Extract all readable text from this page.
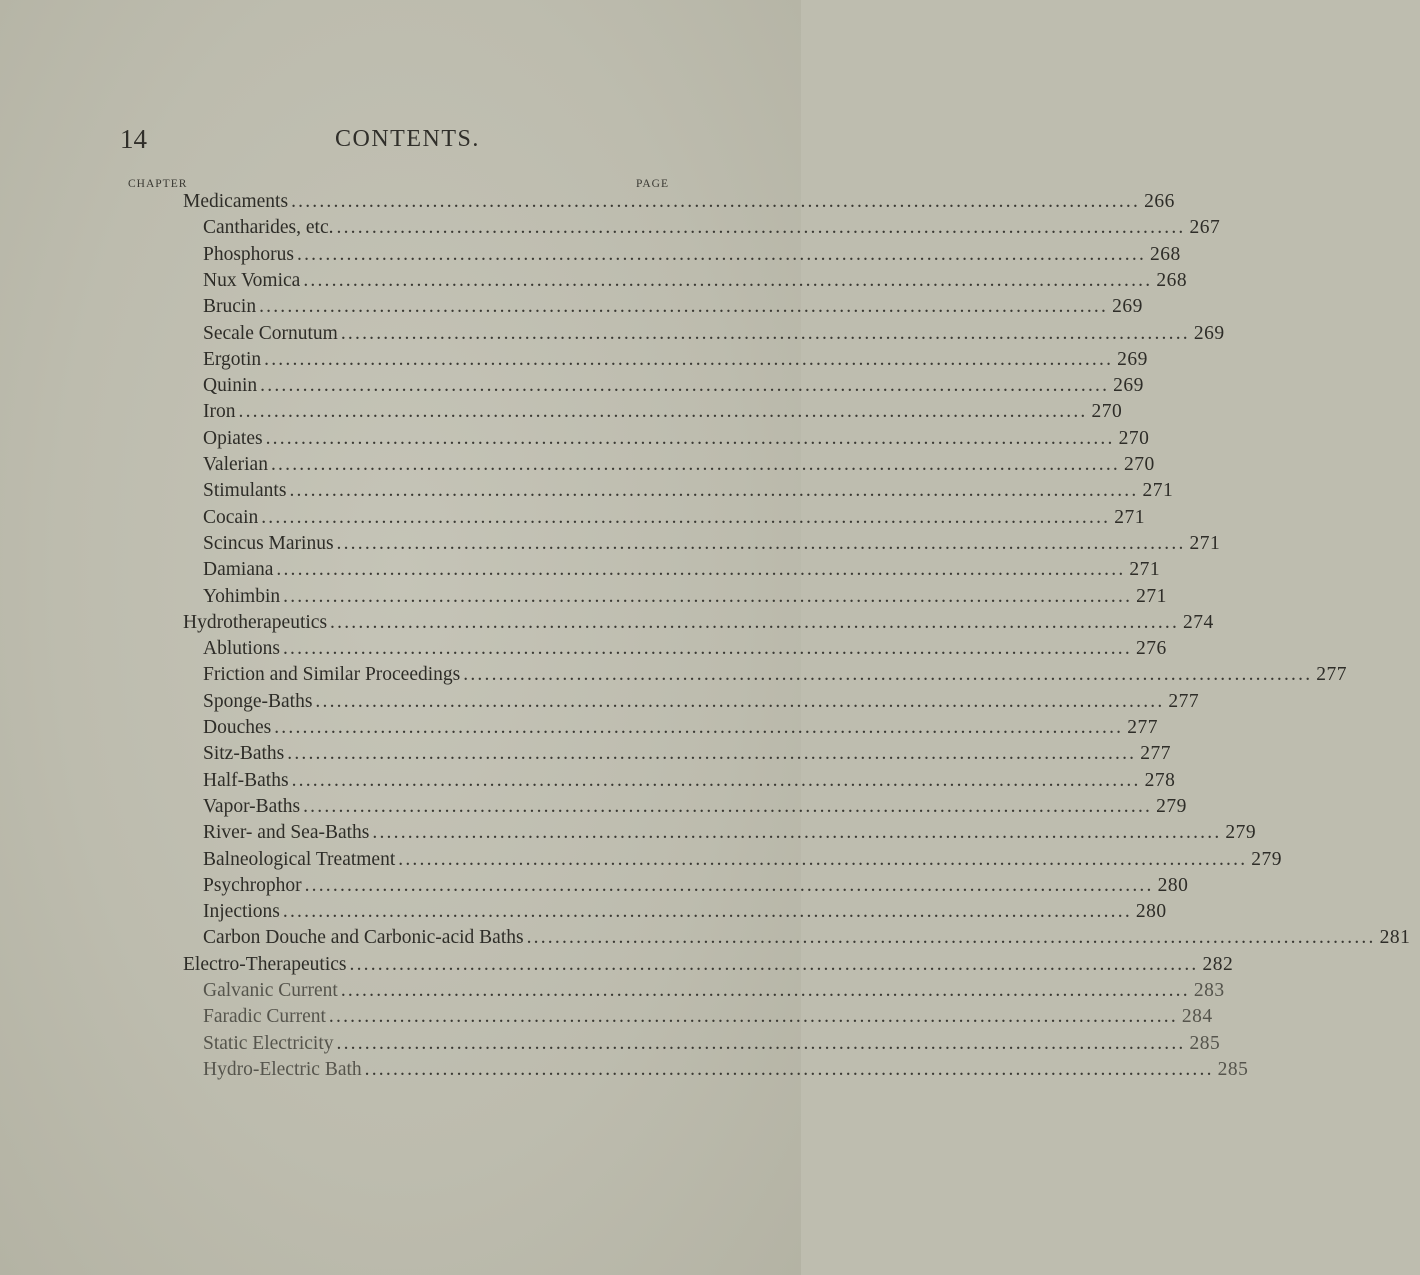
14	CONTENTS.
CHAPTER	PAGE
Medicaments ........................................................................................................................ 266
Cantharides, etc. ........................................................................................................................ 267
Phosphorus ........................................................................................................................ 268
Nux Vomica ........................................................................................................................ 268
Brucin ........................................................................................................................ 269
Secale Cornutum ........................................................................................................................ 269
Ergotin ........................................................................................................................ 269
Quinin ........................................................................................................................ 269
Iron ........................................................................................................................ 270
Opiates ........................................................................................................................ 270
Valerian ........................................................................................................................ 270
Stimulants ........................................................................................................................ 271
Cocain ........................................................................................................................ 271
Scincus Marinus ........................................................................................................................ 271
Damiana ........................................................................................................................ 271
Yohimbin ........................................................................................................................ 271
Hydrotherapeutics ........................................................................................................................ 274
Ablutions ........................................................................................................................ 276
Friction and Similar Proceedings ........................................................................................................................ 277
Sponge-Baths ........................................................................................................................ 277
Douches ........................................................................................................................ 277
Sitz-Baths ........................................................................................................................ 277
Half-Baths ........................................................................................................................ 278
Vapor-Baths ........................................................................................................................ 279
River- and Sea-Baths ........................................................................................................................ 279
Balneological Treatment ........................................................................................................................ 279
Psychrophor ........................................................................................................................ 280
Injections ........................................................................................................................ 280
Carbon Douche and Carbonic-acid Baths ........................................................................................................................ 281
Electro-Therapeutics ........................................................................................................................ 282
Galvanic Current ........................................................................................................................ 283
Faradic Current ........................................................................................................................ 284
Static Electricity ........................................................................................................................ 285
Hydro-Electric Bath ........................................................................................................................ 285
